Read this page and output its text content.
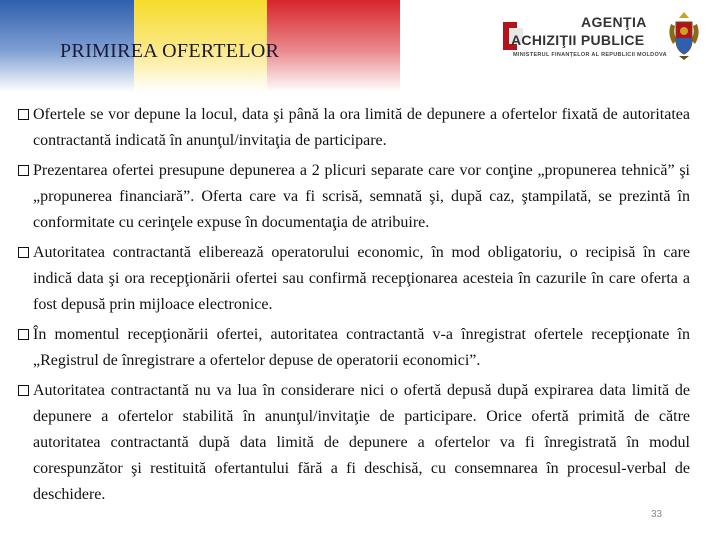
PRIMIREA OFERTELOR
AGENŢIA
ACHIZIŢII PUBLICE
MINISTERUL FINANȚELOR AL REPUBLICII MOLDOVA

Ofertele se vor depune la locul, data şi până la ora limită de depunere a ofertelor fixată de autoritatea contractantă indicată în anunţul/invitaţia de participare.

Prezentarea ofertei presupune depunerea a 2 plicuri separate care vor conţine „propunerea tehnică” şi „propunerea financiară”. Oferta care va fi scrisă, semnată şi, după caz, ştampilată, se prezintă în conformitate cu cerinţele expuse în documentaţia de atribuire.

Autoritatea contractantă eliberează operatorului economic, în mod obligatoriu, o recipisă în care indică data şi ora recepţionării ofertei sau confirmă recepţionarea acesteia în cazurile în care oferta a fost depusă prin mijloace electronice.

În momentul recepţionării ofertei, autoritatea contractantă v-a înregistrat ofertele recepţionate în „Registrul de înregistrare a ofertelor depuse de operatorii economici”.

Autoritatea contractantă nu va lua în considerare nici o ofertă depusă după expirarea data limită de depunere a ofertelor stabilită în anunţul/invitaţie de participare. Orice ofertă primită de către autoritatea contractantă după data limită de depunere a ofertelor va fi înregistrată în modul corespunzător şi restituită ofertantului fără a fi deschisă, cu consemnarea în procesul-verbal de deschidere.

33
